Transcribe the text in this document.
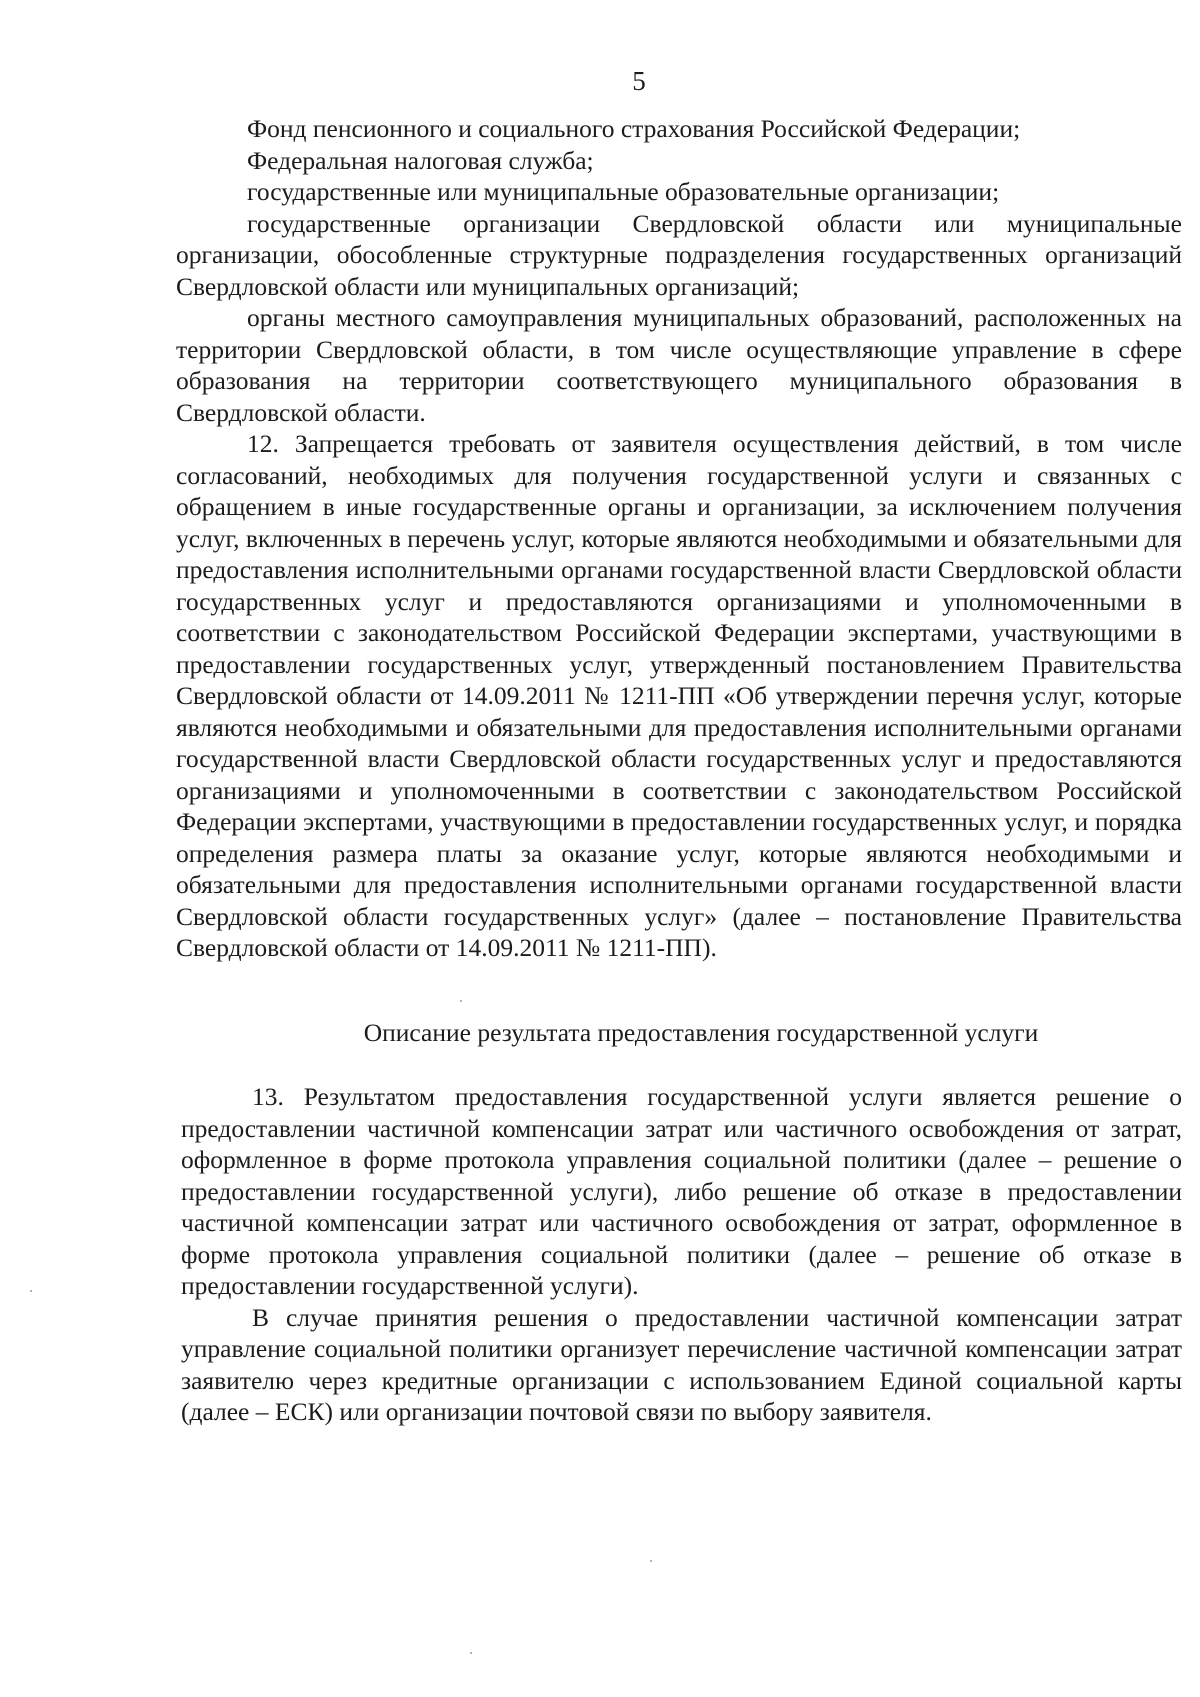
5

Фонд пенсионного и социального страхования Российской Федерации;

Федеральная налоговая служба;

государственные или муниципальные образовательные организации;

государственные организации Свердловской области или муниципальные организации, обособленные структурные подразделения государственных организаций Свердловской области или муниципальных организаций;

органы местного самоуправления муниципальных образований, расположенных на территории Свердловской области, в том числе осуществляющие управление в сфере образования на территории соответствующего муниципального образования в Свердловской области.

12. Запрещается требовать от заявителя осуществления действий, в том числе согласований, необходимых для получения государственной услуги и связанных с обращением в иные государственные органы и организации, за исключением получения услуг, включенных в перечень услуг, которые являются необходимыми и обязательными для предоставления исполнительными органами государственной власти Свердловской области государственных услуг и предоставляются организациями и уполномоченными в соответствии с законодательством Российской Федерации экспертами, участвующими в предоставлении государственных услуг, утвержденный постановлением Правительства Свердловской области от 14.09.2011 № 1211-ПП «Об утверждении перечня услуг, которые являются необходимыми и обязательными для предоставления исполнительными органами государственной власти Свердловской области государственных услуг и предоставляются организациями и уполномоченными в соответствии с законодательством Российской Федерации экспертами, участвующими в предоставлении государственных услуг, и порядка определения размера платы за оказание услуг, которые являются необходимыми и обязательными для предоставления исполнительными органами государственной власти Свердловской области государственных услуг» (далее – постановление Правительства Свердловской области от 14.09.2011 № 1211-ПП).

Описание результата предоставления государственной услуги

13. Результатом предоставления государственной услуги является решение о предоставлении частичной компенсации затрат или частичного освобождения от затрат, оформленное в форме протокола управления социальной политики (далее – решение о предоставлении государственной услуги), либо решение об отказе в предоставлении частичной компенсации затрат или частичного освобождения от затрат, оформленное в форме протокола управления социальной политики (далее – решение об отказе в предоставлении государственной услуги).

В случае принятия решения о предоставлении частичной компенсации затрат управление социальной политики организует перечисление частичной компенсации затрат заявителю через кредитные организации с использованием Единой социальной карты (далее – ЕСК) или организации почтовой связи по выбору заявителя.
